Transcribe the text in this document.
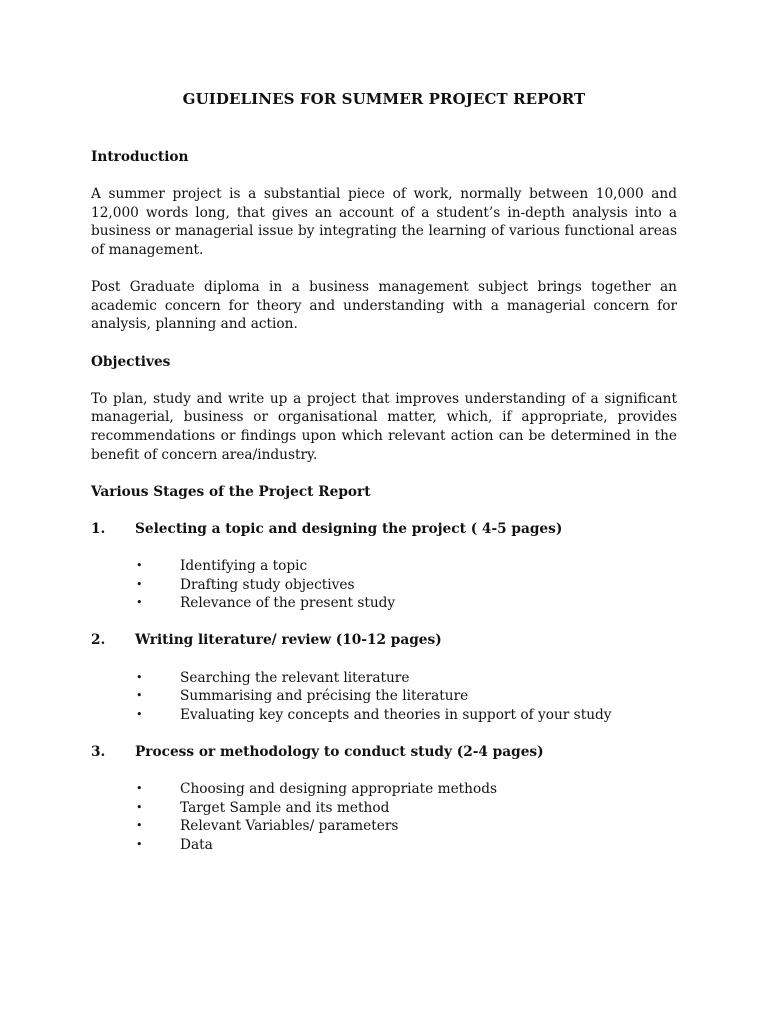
GUIDELINES FOR SUMMER PROJECT REPORT

Introduction

A summer project is a substantial piece of work, normally between 10,000 and 12,000 words long, that gives an account of a student’s in-depth analysis into a business or managerial issue by integrating the learning of various functional areas of management.

Post Graduate diploma in a business management subject brings together an academic concern for theory and understanding with a managerial concern for analysis, planning and action.

Objectives

To plan, study and write up a project that improves understanding of a significant managerial, business or organisational matter, which, if appropriate, provides recommendations or findings upon which relevant action can be determined in the benefit of concern area/industry.

Various Stages of the Project Report

1.	Selecting a topic and designing the project ( 4-5 pages)
•	Identifying a topic
•	Drafting study objectives
•	Relevance of the present study
2.	Writing literature/ review (10-12 pages)
•	Searching the relevant literature
•	Summarising and précising the literature
•	Evaluating key concepts and theories in support of your study
3.	Process or methodology to conduct study (2-4 pages)
•	Choosing and designing appropriate methods
•	Target Sample and its method
•	Relevant Variables/ parameters
•	Data
